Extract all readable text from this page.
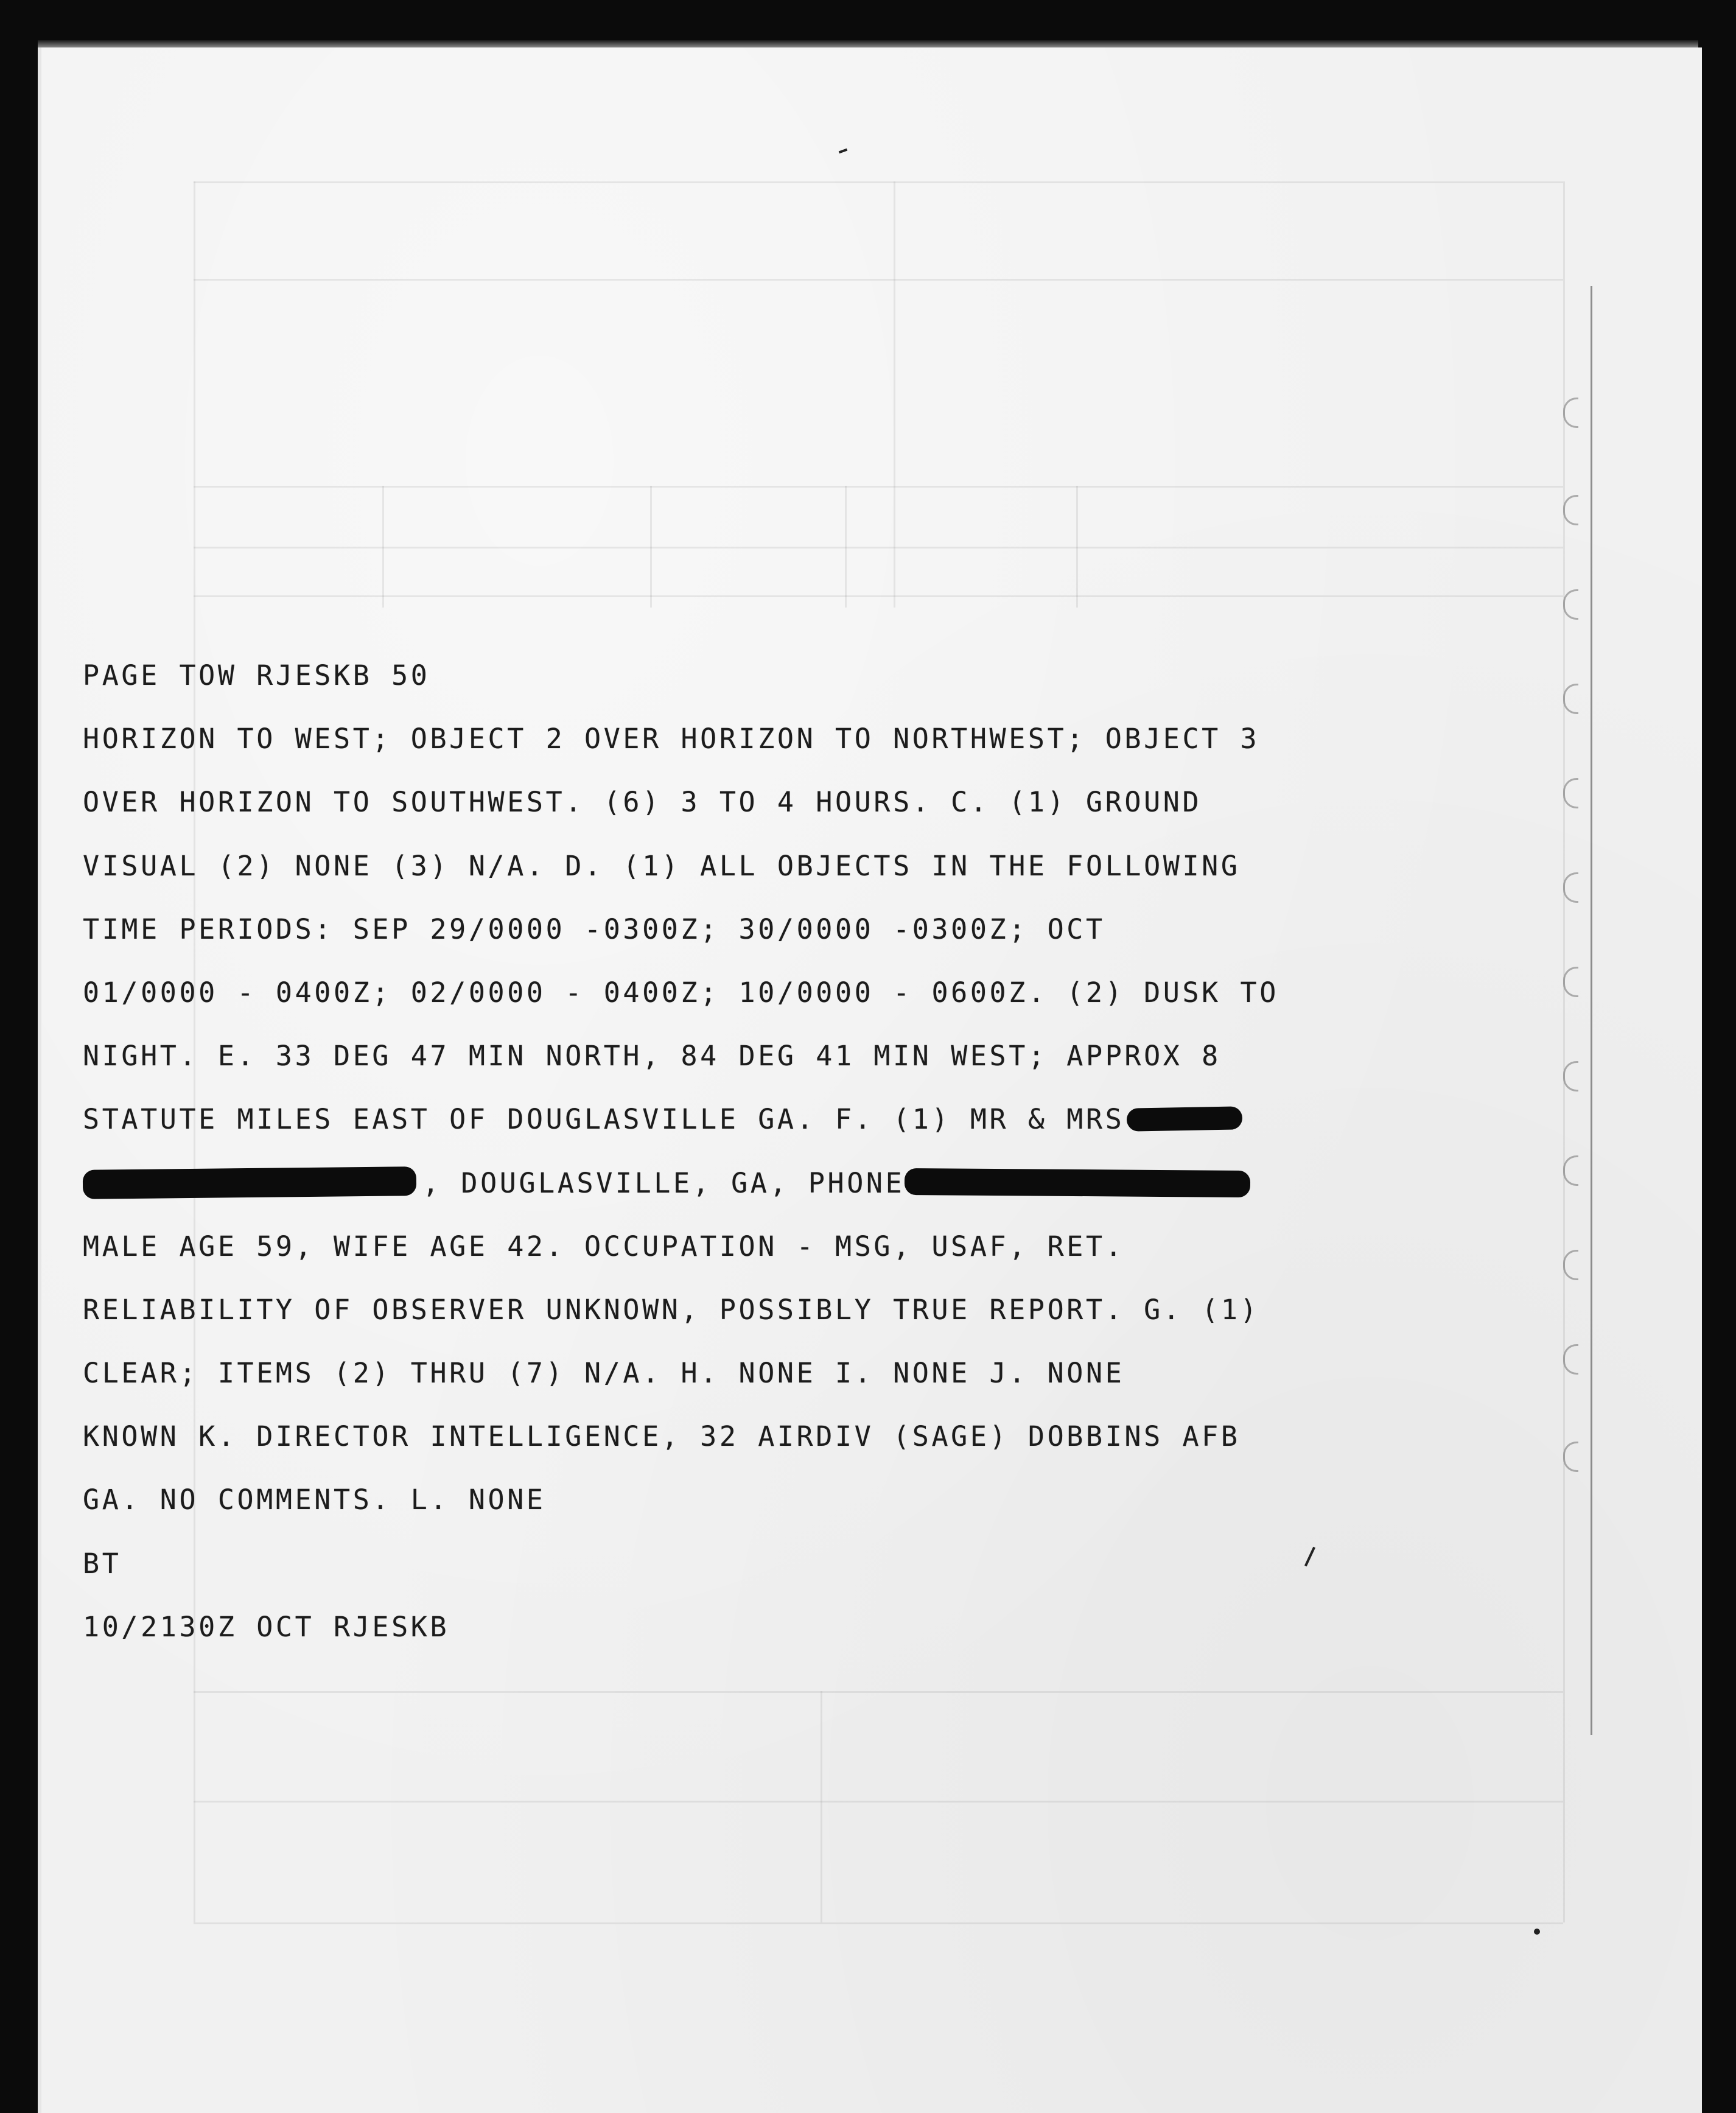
PAGE TOW RJESKB 50
HORIZON TO WEST; OBJECT 2 OVER HORIZON TO NORTHWEST; OBJECT 3
OVER HORIZON TO SOUTHWEST. (6) 3 TO 4 HOURS. C. (1) GROUND
VISUAL (2) NONE (3) N/A. D. (1) ALL OBJECTS IN THE FOLLOWING
TIME PERIODS: SEP 29/0000 -0300Z; 30/0000 -0300Z; OCT
01/0000 - 0400Z; 02/0000 - 0400Z; 10/0000 - 0600Z. (2) DUSK TO
NIGHT. E. 33 DEG 47 MIN NORTH, 84 DEG 41 MIN WEST; APPROX 8
STATUTE MILES EAST OF DOUGLASVILLE GA. F. (1) MR & MRS
, DOUGLASVILLE, GA, PHONE
MALE AGE 59, WIFE AGE 42. OCCUPATION - MSG, USAF, RET.
RELIABILITY OF OBSERVER UNKNOWN, POSSIBLY TRUE REPORT. G. (1)
CLEAR; ITEMS (2) THRU (7) N/A. H. NONE I. NONE J. NONE
KNOWN K. DIRECTOR INTELLIGENCE, 32 AIRDIV (SAGE) DOBBINS AFB
GA. NO COMMENTS. L. NONE
BT
10/2130Z OCT RJESKB
